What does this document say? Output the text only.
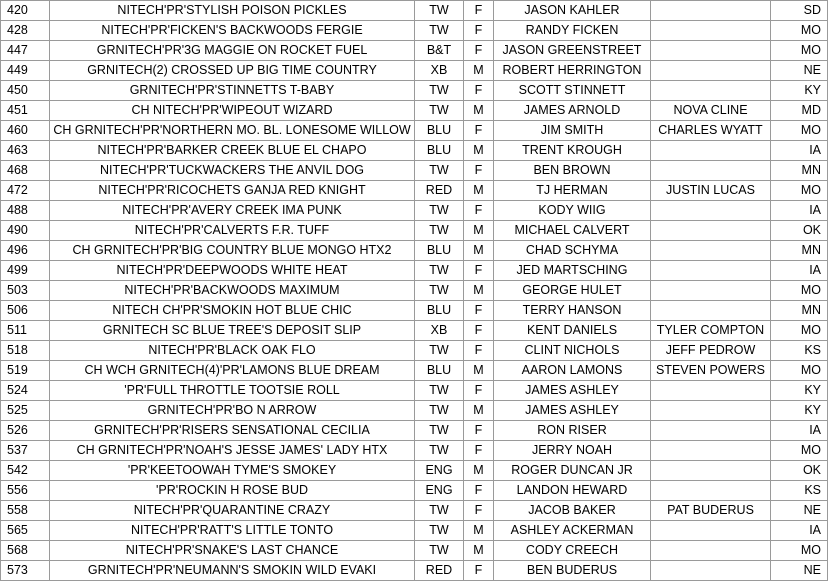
420	NITECH'PR'STYLISH POISON PICKLES	TW	F	JASON KAHLER		SD
428	NITECH'PR'FICKEN'S BACKWOODS FERGIE	TW	F	RANDY FICKEN		MO
447	GRNITECH'PR'3G MAGGIE ON ROCKET FUEL	B&T	F	JASON GREENSTREET		MO
449	GRNITECH(2) CROSSED UP BIG TIME COUNTRY	XB	M	ROBERT HERRINGTON		NE
450	GRNITECH'PR'STINNETTS T-BABY	TW	F	SCOTT STINNETT		KY
451	CH NITECH'PR'WIPEOUT WIZARD	TW	M	JAMES ARNOLD	NOVA CLINE	MD
460	CH GRNITECH'PR'NORTHERN MO. BL. LONESOME WILLOW	BLU	F	JIM SMITH	CHARLES WYATT	MO
463	NITECH'PR'BARKER CREEK BLUE EL CHAPO	BLU	M	TRENT KROUGH		IA
468	NITECH'PR'TUCKWACKERS THE ANVIL DOG	TW	F	BEN BROWN		MN
472	NITECH'PR'RICOCHETS GANJA RED KNIGHT	RED	M	TJ HERMAN	JUSTIN LUCAS	MO
488	NITECH'PR'AVERY CREEK IMA PUNK	TW	F	KODY WIIG		IA
490	NITECH'PR'CALVERTS F.R. TUFF	TW	M	MICHAEL CALVERT		OK
496	CH GRNITECH'PR'BIG COUNTRY BLUE MONGO HTX2	BLU	M	CHAD SCHYMA		MN
499	NITECH'PR'DEEPWOODS WHITE HEAT	TW	F	JED MARTSCHING		IA
503	NITECH'PR'BACKWOODS MAXIMUM	TW	M	GEORGE HULET		MO
506	NITECH CH'PR'SMOKIN HOT BLUE CHIC	BLU	F	TERRY HANSON		MN
511	GRNITECH SC BLUE TREE'S DEPOSIT SLIP	XB	F	KENT DANIELS	TYLER COMPTON	MO
518	NITECH'PR'BLACK OAK FLO	TW	F	CLINT NICHOLS	JEFF PEDROW	KS
519	CH WCH GRNITECH(4)'PR'LAMONS BLUE DREAM	BLU	M	AARON LAMONS	STEVEN POWERS	MO
524	'PR'FULL THROTTLE TOOTSIE ROLL	TW	F	JAMES ASHLEY		KY
525	GRNITECH'PR'BO N ARROW	TW	M	JAMES ASHLEY		KY
526	GRNITECH'PR'RISERS SENSATIONAL CECILIA	TW	F	RON RISER		IA
537	CH GRNITECH'PR'NOAH'S JESSE JAMES' LADY HTX	TW	F	JERRY NOAH		MO
542	'PR'KEETOOWAH TYME'S SMOKEY	ENG	M	ROGER DUNCAN JR		OK
556	'PR'ROCKIN H ROSE BUD	ENG	F	LANDON HEWARD		KS
558	NITECH'PR'QUARANTINE CRAZY	TW	F	JACOB BAKER	PAT BUDERUS	NE
565	NITECH'PR'RATT'S LITTLE TONTO	TW	M	ASHLEY ACKERMAN		IA
568	NITECH'PR'SNAKE'S LAST CHANCE	TW	M	CODY CREECH		MO
573	GRNITECH'PR'NEUMANN'S SMOKIN WILD EVAKI	RED	F	BEN BUDERUS		NE
